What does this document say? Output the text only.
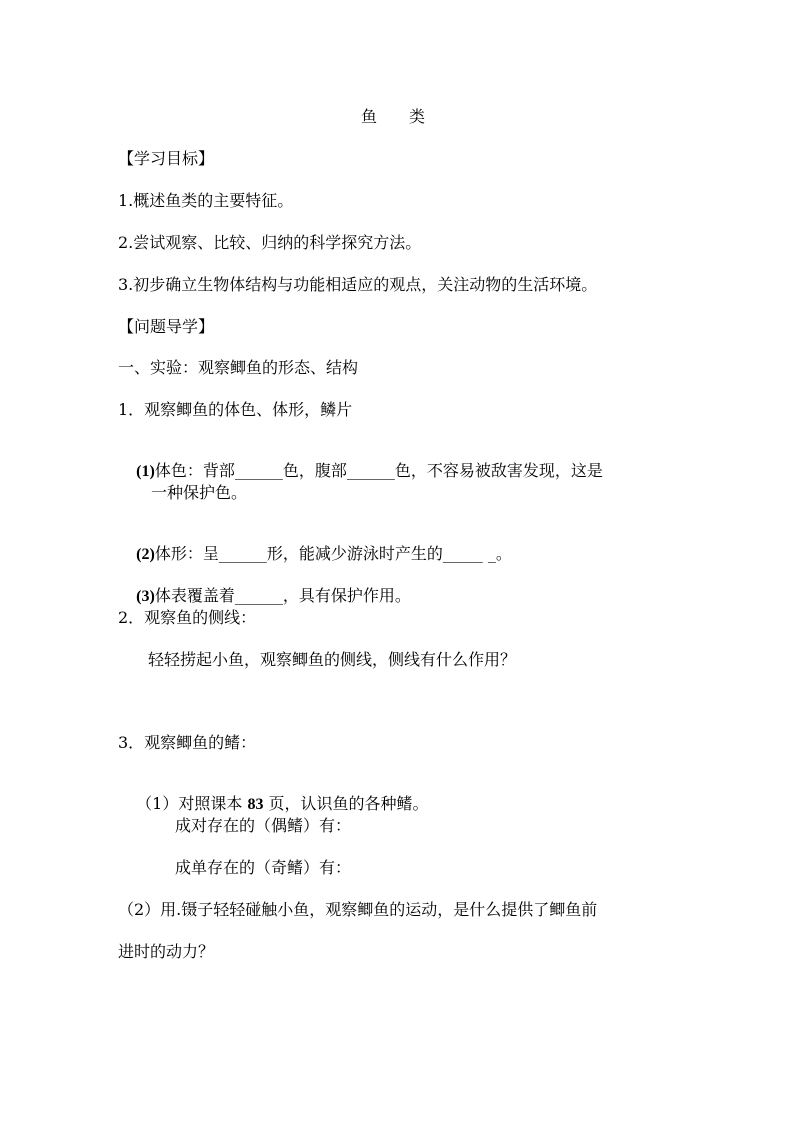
鱼　　类
【学习目标】
1.概述鱼类的主要特征。
2.尝试观察、比较、归纳的科学探究方法。
3.初步确立生物体结构与功能相适应的观点，关注动物的生活环境。
【问题导学】
一、实验：观察鲫鱼的形态、结构
1．观察鲫鱼的体色、体形，鳞片

(1)体色：背部______色，腹部______色，不容易被敌害发现，这是

一种保护色。

(2)体形：呈______形，能减少游泳时产生的_____ _。

(3)体表覆盖着______，具有保护作用。

2．观察鱼的侧线：
轻轻捞起小鱼，观察鲫鱼的侧线，侧线有什么作用？
3．观察鲫鱼的鳍：

（1）对照课本 83 页，认识鱼的各种鳍。

成对存在的（偶鳍）有：
成单存在的（奇鳍）有：
（2）用.镊子轻轻碰触小鱼，观察鲫鱼的运动，是什么提供了鲫鱼前
进时的动力？
